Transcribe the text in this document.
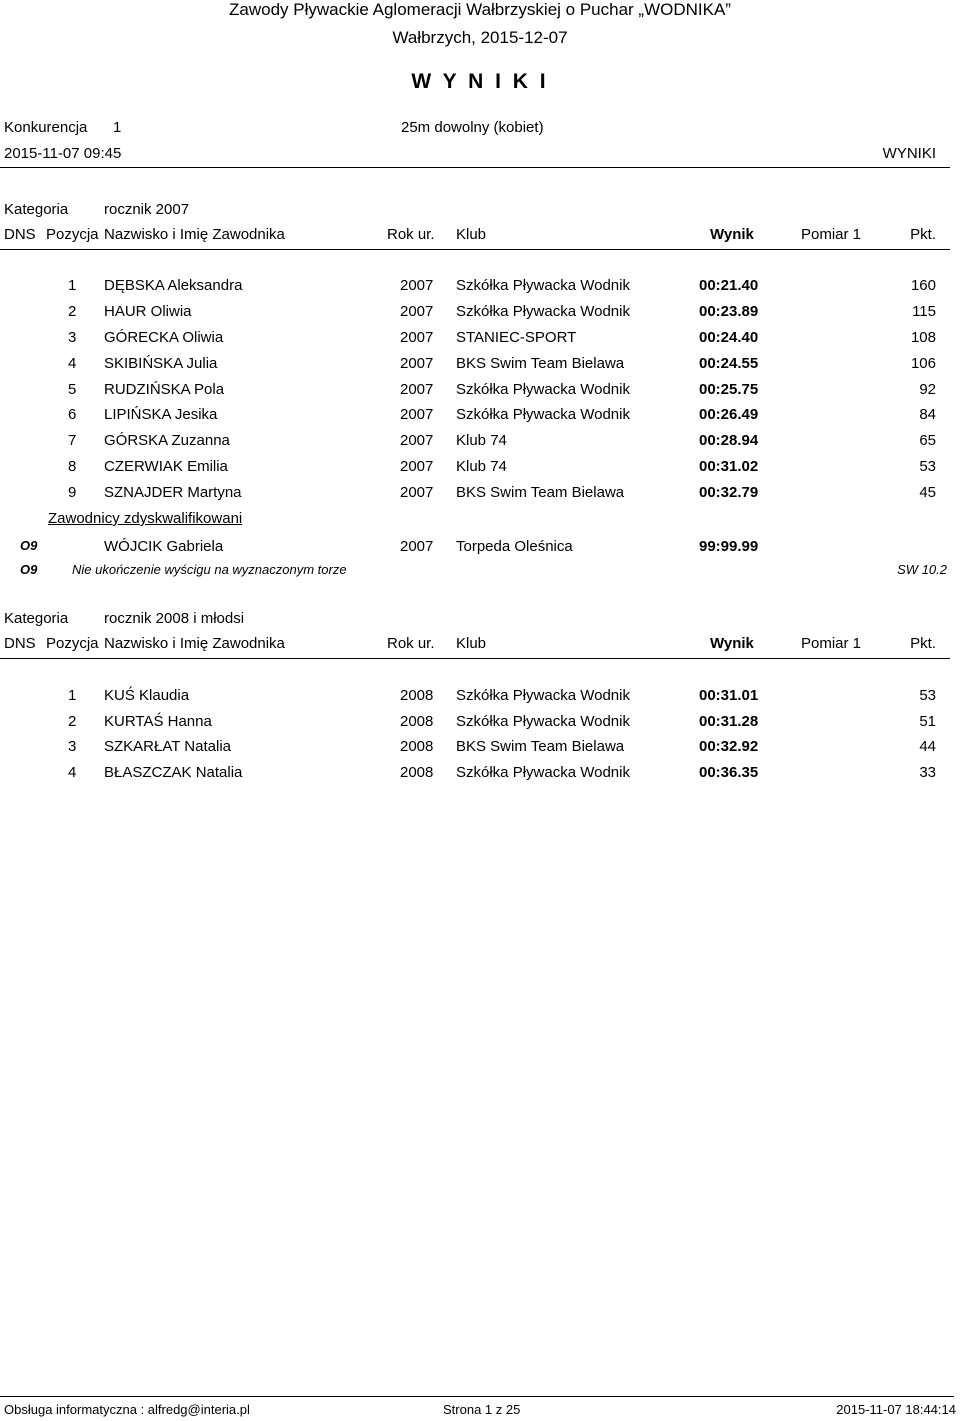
Zawody Pływackie Aglomeracji Wałbrzyskiej o Puchar „WODNIKA”
Wałbrzych, 2015-12-07
W Y N I K I
Konkurencja 1	25m dowolny (kobiet)
2015-11-07 09:45	WYNIKI
Kategoria rocznik 2007
DNS Pozycja Nazwisko i Imię Zawodnika	Rok ur. Klub	Wynik	Pomiar 1	Pkt.
1 DĘBSKA Aleksandra	2007 Szkółka Pływacka Wodnik	00:21.40	160
2 HAUR Oliwia	2007 Szkółka Pływacka Wodnik	00:23.89	115
3 GÓRECKA Oliwia	2007 STANIEC-SPORT	00:24.40	108
4 SKIBIŃSKA Julia	2007 BKS Swim Team Bielawa	00:24.55	106
5 RUDZIŃSKA Pola	2007 Szkółka Pływacka Wodnik	00:25.75	92
6 LIPIŃSKA Jesika	2007 Szkółka Pływacka Wodnik	00:26.49	84
7 GÓRSKA Zuzanna	2007 Klub 74	00:28.94	65
8 CZERWIAK Emilia	2007 Klub 74	00:31.02	53
9 SZNAJDER Martyna	2007 BKS Swim Team Bielawa	00:32.79	45
Zawodnicy zdyskwalifikowani
O9	WÓJCIK Gabriela	2007 Torpeda Oleśnica	99:99.99
O9	Nie ukończenie wyścigu na wyznaczonym torze	SW 10.2
Kategoria rocznik 2008 i młodsi
DNS Pozycja Nazwisko i Imię Zawodnika	Rok ur. Klub	Wynik	Pomiar 1	Pkt.
1 KUŚ Klaudia	2008 Szkółka Pływacka Wodnik	00:31.01	53
2 KURTAŚ Hanna	2008 Szkółka Pływacka Wodnik	00:31.28	51
3 SZKARŁAT Natalia	2008 BKS Swim Team Bielawa	00:32.92	44
4 BŁASZCZAK Natalia	2008 Szkółka Pływacka Wodnik	00:36.35	33
Obsługa informatyczna : alfredg@interia.pl	Strona 1 z 25	2015-11-07 18:44:14
